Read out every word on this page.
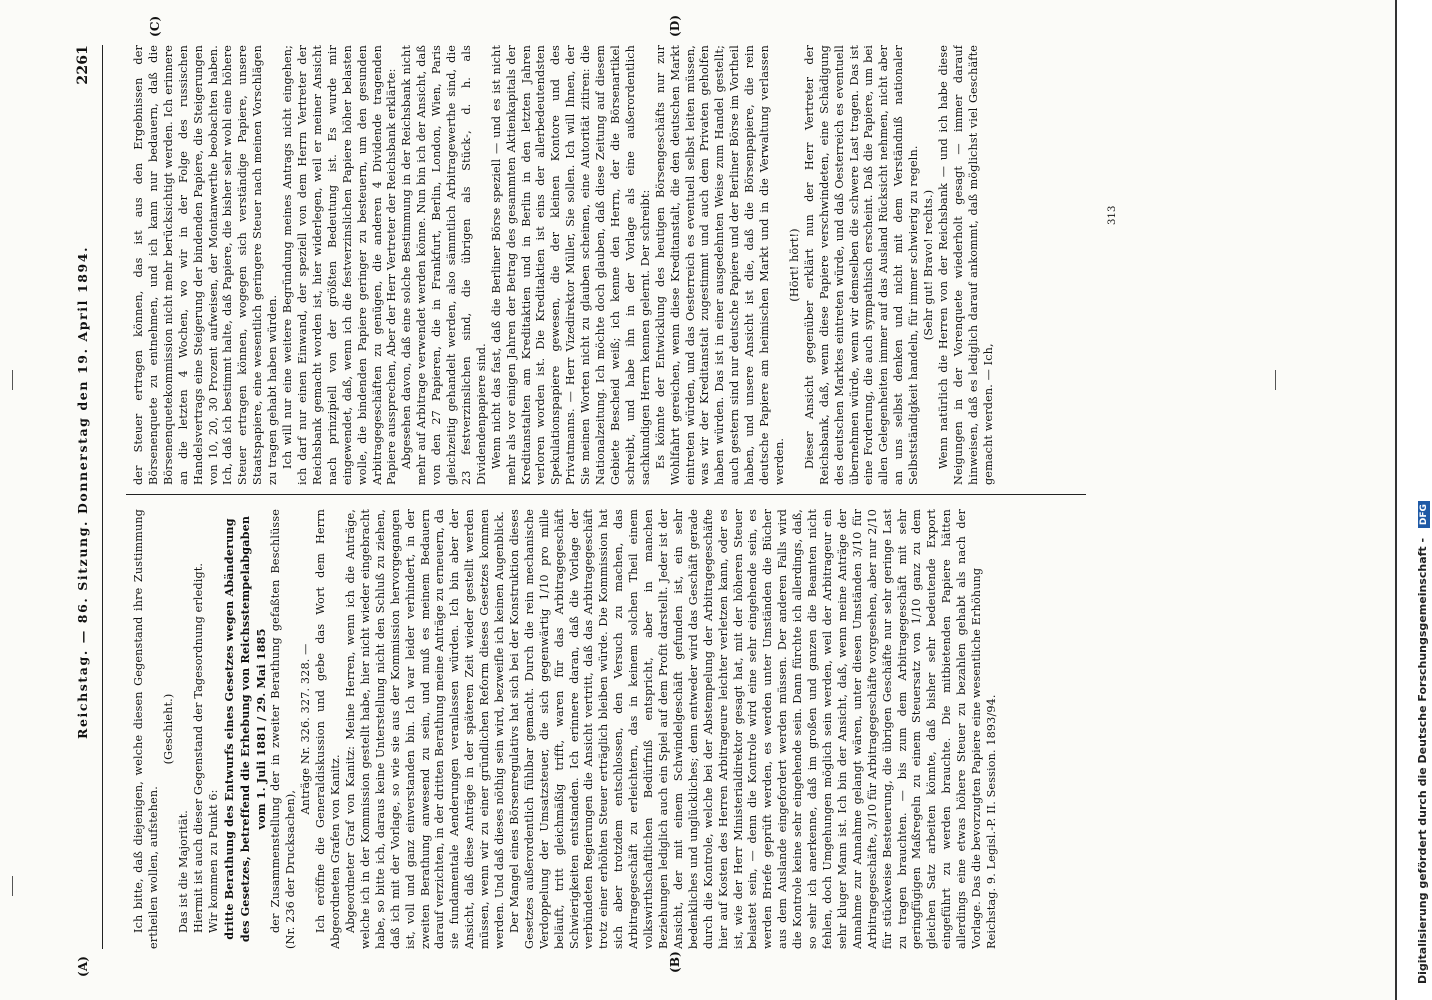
(A)
Reichstag. — 86. Sitzung. Donnerstag den 19. April 1894.
2261
(B)
(C)	(D)

Ich bitte, daß diejenigen, welche diesen Gegenstand ihre Zustimmung ertheilen wollen, aufstehen.

(Geschieht.)

Das ist die Majorität. Hiermit ist auch dieser Gegenstand der Tagesordnung erledigt. Wir kommen zu Punkt 6: dritte Berathung des Entwurfs eines Gesetzes wegen Abänderung des Gesetzes, betreffend die Erhebung von Reichsstempelabgaben vom 1. Juli 1881 / 29. Mai 1885 der Zusammenstellung der in zweiter Berathung gefaßten Beschlüsse (Nr. 236 der Drucksachen),

Anträge Nr. 326. 327. 328. — Ich eröffne die Generaldiskussion und gebe das Wort dem Herrn Abgeordneten Grafen von Kanitz. Abgeordneter Graf von Kanitz: Meine Herren, wenn ich die Anträge, welche ich in der Kommission gestellt habe, hier nicht wieder eingebracht habe, so bitte ich, daraus keine Unterstellung nicht den Schluß zu ziehen, daß ich mit der Vorlage, so wie sie aus der Kommission hervorgegangen ist, voll und ganz einverstanden bin. Ich war leider verhindert, in der zweiten Berathung anwesend zu sein, und muß es meinem Bedauern darauf verzichten, in der dritten Berathung meine Anträge zu erneuern, da sie fundamentale Aenderungen veranlassen würden. Ich bin aber der Ansicht, daß diese Anträge in der späteren Zeit wieder gestellt werden müssen, wenn wir zu einer gründlichen Reform dieses Gesetzes kommen werden. Und daß dieses nöthig sein wird, bezweifle ich keinen Augenblick. Der Mangel eines Börsenregulativs hat sich bei der Konstruktion dieses Gesetzes außerordentlich fühlbar gemacht. Durch die rein mechanische Verdoppelung der Umsatzsteuer, die sich gegenwärtig 1/10 pro mille beläuft, tritt gleichmäßig trifft, waren für das Arbitragegeschäft Schwierigkeiten entstanden. Ich erinnere daran, daß die Vorlage der verbündeten Regierungen die Ansicht vertritt, daß das Arbitragegeschäft trotz einer erhöhten Steuer erträglich bleiben würde. Die Kommission hat sich aber trotzdem entschlossen, den Versuch zu machen, das Arbitragegeschäft zu erleichtern, das in keinem solchen Theil einem volkswirthschaftlichen Bedürfniß entspricht, aber in manchen Beziehungen lediglich auch ein Spiel auf dem Profit darstellt. Jeder ist der Ansicht, der mit einem Schwindelgeschäft gefunden ist, ein sehr bedenkliches und unglückliches; denn entweder wird das Geschäft gerade durch die Kontrole, welche bei der Abstempelung der Arbitragegeschäfte hier auf Kosten des Herren Arbitrageure leichter verletzen kann, oder es ist, wie der Herr Ministerialdirektor gesagt hat, mit der höheren Steuer belastet sein, — denn die Kontrole wird eine sehr eingehende sein, es werden Briefe geprüft werden, es werden unter Umständen die Bücher aus dem Auslande eingefordert werden müssen. Der anderen Falls wird die Kontrole keine sehr eingehende sein. Dann fürchte ich allerdings, daß, so sehr ich anerkenne, daß im großen und ganzen die Beamten nicht fehlen, doch Umgehungen möglich sein werden, weil der Arbitrageur ein sehr kluger Mann ist. Ich bin der Ansicht, daß, wenn meine Anträge der Annahme zur Annahme gelangt wären, unter diesen Umständen 3/10 für Arbitragegeschäfte, 3/10 für Arbitragegeschäfte vorgesehen, aber nur 2/10 für stückweise Besteuerung, die übrigen Geschäfte nur sehr geringe Last zu tragen brauchten. — bis zum dem Arbitragegeschäft mit sehr geringfügigen Maßregeln zu einem Steuersatz von 1/10 ganz zu dem gleichen Satz arbeiten könnte, daß bisher sehr bedeutende Export eingeführt zu werden brauchte. Die mitbietenden Papiere hätten allerdings eine etwas höhere Steuer zu bezahlen gehabt als nach der Vorlage. Das die bevorzugten Papiere eine wesentliche Erhöhung Reichstag. 9. Legisl.-P. II. Session. 1893/94.

der Steuer ertragen können, das ist aus den Ergebnissen der Börsenenquete zu entnehmen, und ich kann nur bedauern, daß die Börsenenquetekommission nicht mehr berücksichtigt werden. Ich erinnere an die letzten 4 Wochen, wo wir in der Folge des russischen Handelsvertrags eine Steigerung der bindenden Papiere, die Steigerungen von 10, 20, 30 Prozent aufweisen, der Montanwerthe beobachten haben. Ich, daß ich bestimmt halte, daß Papiere, die bisher sehr wohl eine höhere Steuer ertragen können, wogegen sich verständige Papiere, unsere Staatspapiere, eine wesentlich geringere Steuer nach meinen Vorschlägen zu tragen gehabt haben würden. Ich will nur eine weitere Begründung meines Antrags nicht eingehen; ich darf nur einen Einwand, der speziell von dem Herrn Vertreter der Reichsbank gemacht worden ist, hier widerlegen, weil er meiner Ansicht nach prinzipiell von der größten Bedeutung ist. Es wurde mir eingewendet, daß, wenn ich die festverzinslichen Papiere höher belasten wolle, die bindenden Papiere geringer zu besteuern, um den gesunden Arbitragegeschäften zu genügen, die anderen 4 Dividende tragenden Papiere aussprechen, Aber der Herr Vertreter der Reichsbank erklärte: Abgesehen davon, daß eine solche Bestimmung in der Reichsbank nicht mehr auf Arbitrage verwendet werden könne. Nun bin ich der Ansicht, daß von den 27 Papieren, die in Frankfurt, Berlin, London, Wien, Paris gleichzeitig gehandelt werden, also sämmtlich Arbitragewerthe sind, die 23 festverzinslichen sind, die übrigen als Stück-, d. h. als Dividendenpapiere sind. Wenn nicht das fast, daß die Berliner Börse speziell — und es ist nicht mehr als vor einigen Jahren der Betrag des gesammten Aktienkapitals der Kreditanstalten am Kreditaktien und in Berlin in den letzten Jahren verloren worden ist. Die Kreditaktien ist eins der allerbedeutendsten Spekulationspapiere gewesen, die der kleinen Kontore und des Privatmanns. — Herr Vizedirektor Müller, Sie sollen. Ich will Ihnen, der Sie meinen Worten nicht zu glauben scheinen, eine Autorität zitiren: die Nationalzeitung. Ich möchte doch glauben, daß diese Zeitung auf diesem Gebiete Bescheid weiß; ich kenne den Herrn, der die Börsenartikel schreibt, und habe ihn in der Vorlage als eine außerordentlich sachkundigen Herrn kennen gelernt. Der schreibt: Es könnte der Entwicklung des heutigen Börsengeschäfts nur zur Wohlfahrt gereichen, wenn diese Kreditanstalt, die den deutschen Markt eintreten würden, und das Oesterreich es eventuell selbst leiten müssen, was wir der Kreditanstalt zugestimmt und auch dem Privaten geholfen haben würden. Das ist in einer ausgedehnten Weise zum Handel gestellt; auch gestern sind nur deutsche Papiere und der Berliner Börse im Vortheil haben, und unsere Ansicht ist die, daß die Börsenpapiere, die rein deutsche Papiere am heimischen Markt und in die Verwaltung verlassen werden.

(Hört! hört!) Dieser Ansicht gegenüber erklärt nun der Herr Vertreter der Reichsbank, daß, wenn diese Papiere verschwindeten, eine Schädigung des deutschen Marktes eintreten würde, und daß Oesterreich es eventuell übernehmen würde, wenn wir demselben die schwere Last tragen. Das ist eine Forderung, die auch sympathisch erscheint. Daß die Papiere, um bei allen Gelegenheiten immer auf das Ausland Rücksicht nehmen, nicht aber an uns selbst denken und nicht mit dem Verständniß nationaler Selbstständigkeit handeln, für immer schwierig zu regeln. (Sehr gut! Bravo! rechts.) Wenn natürlich die Herren von der Reichsbank — und ich habe diese Neigungen in der Vorenquete wiederholt gesagt — immer darauf hinweisen, daß es lediglich darauf ankommt, daß möglichst viel Geschäfte gemacht werden. — Ich,

313
Digitalisierung gefördert durch die Deutsche Forschungsgemeinschaft - DFG
